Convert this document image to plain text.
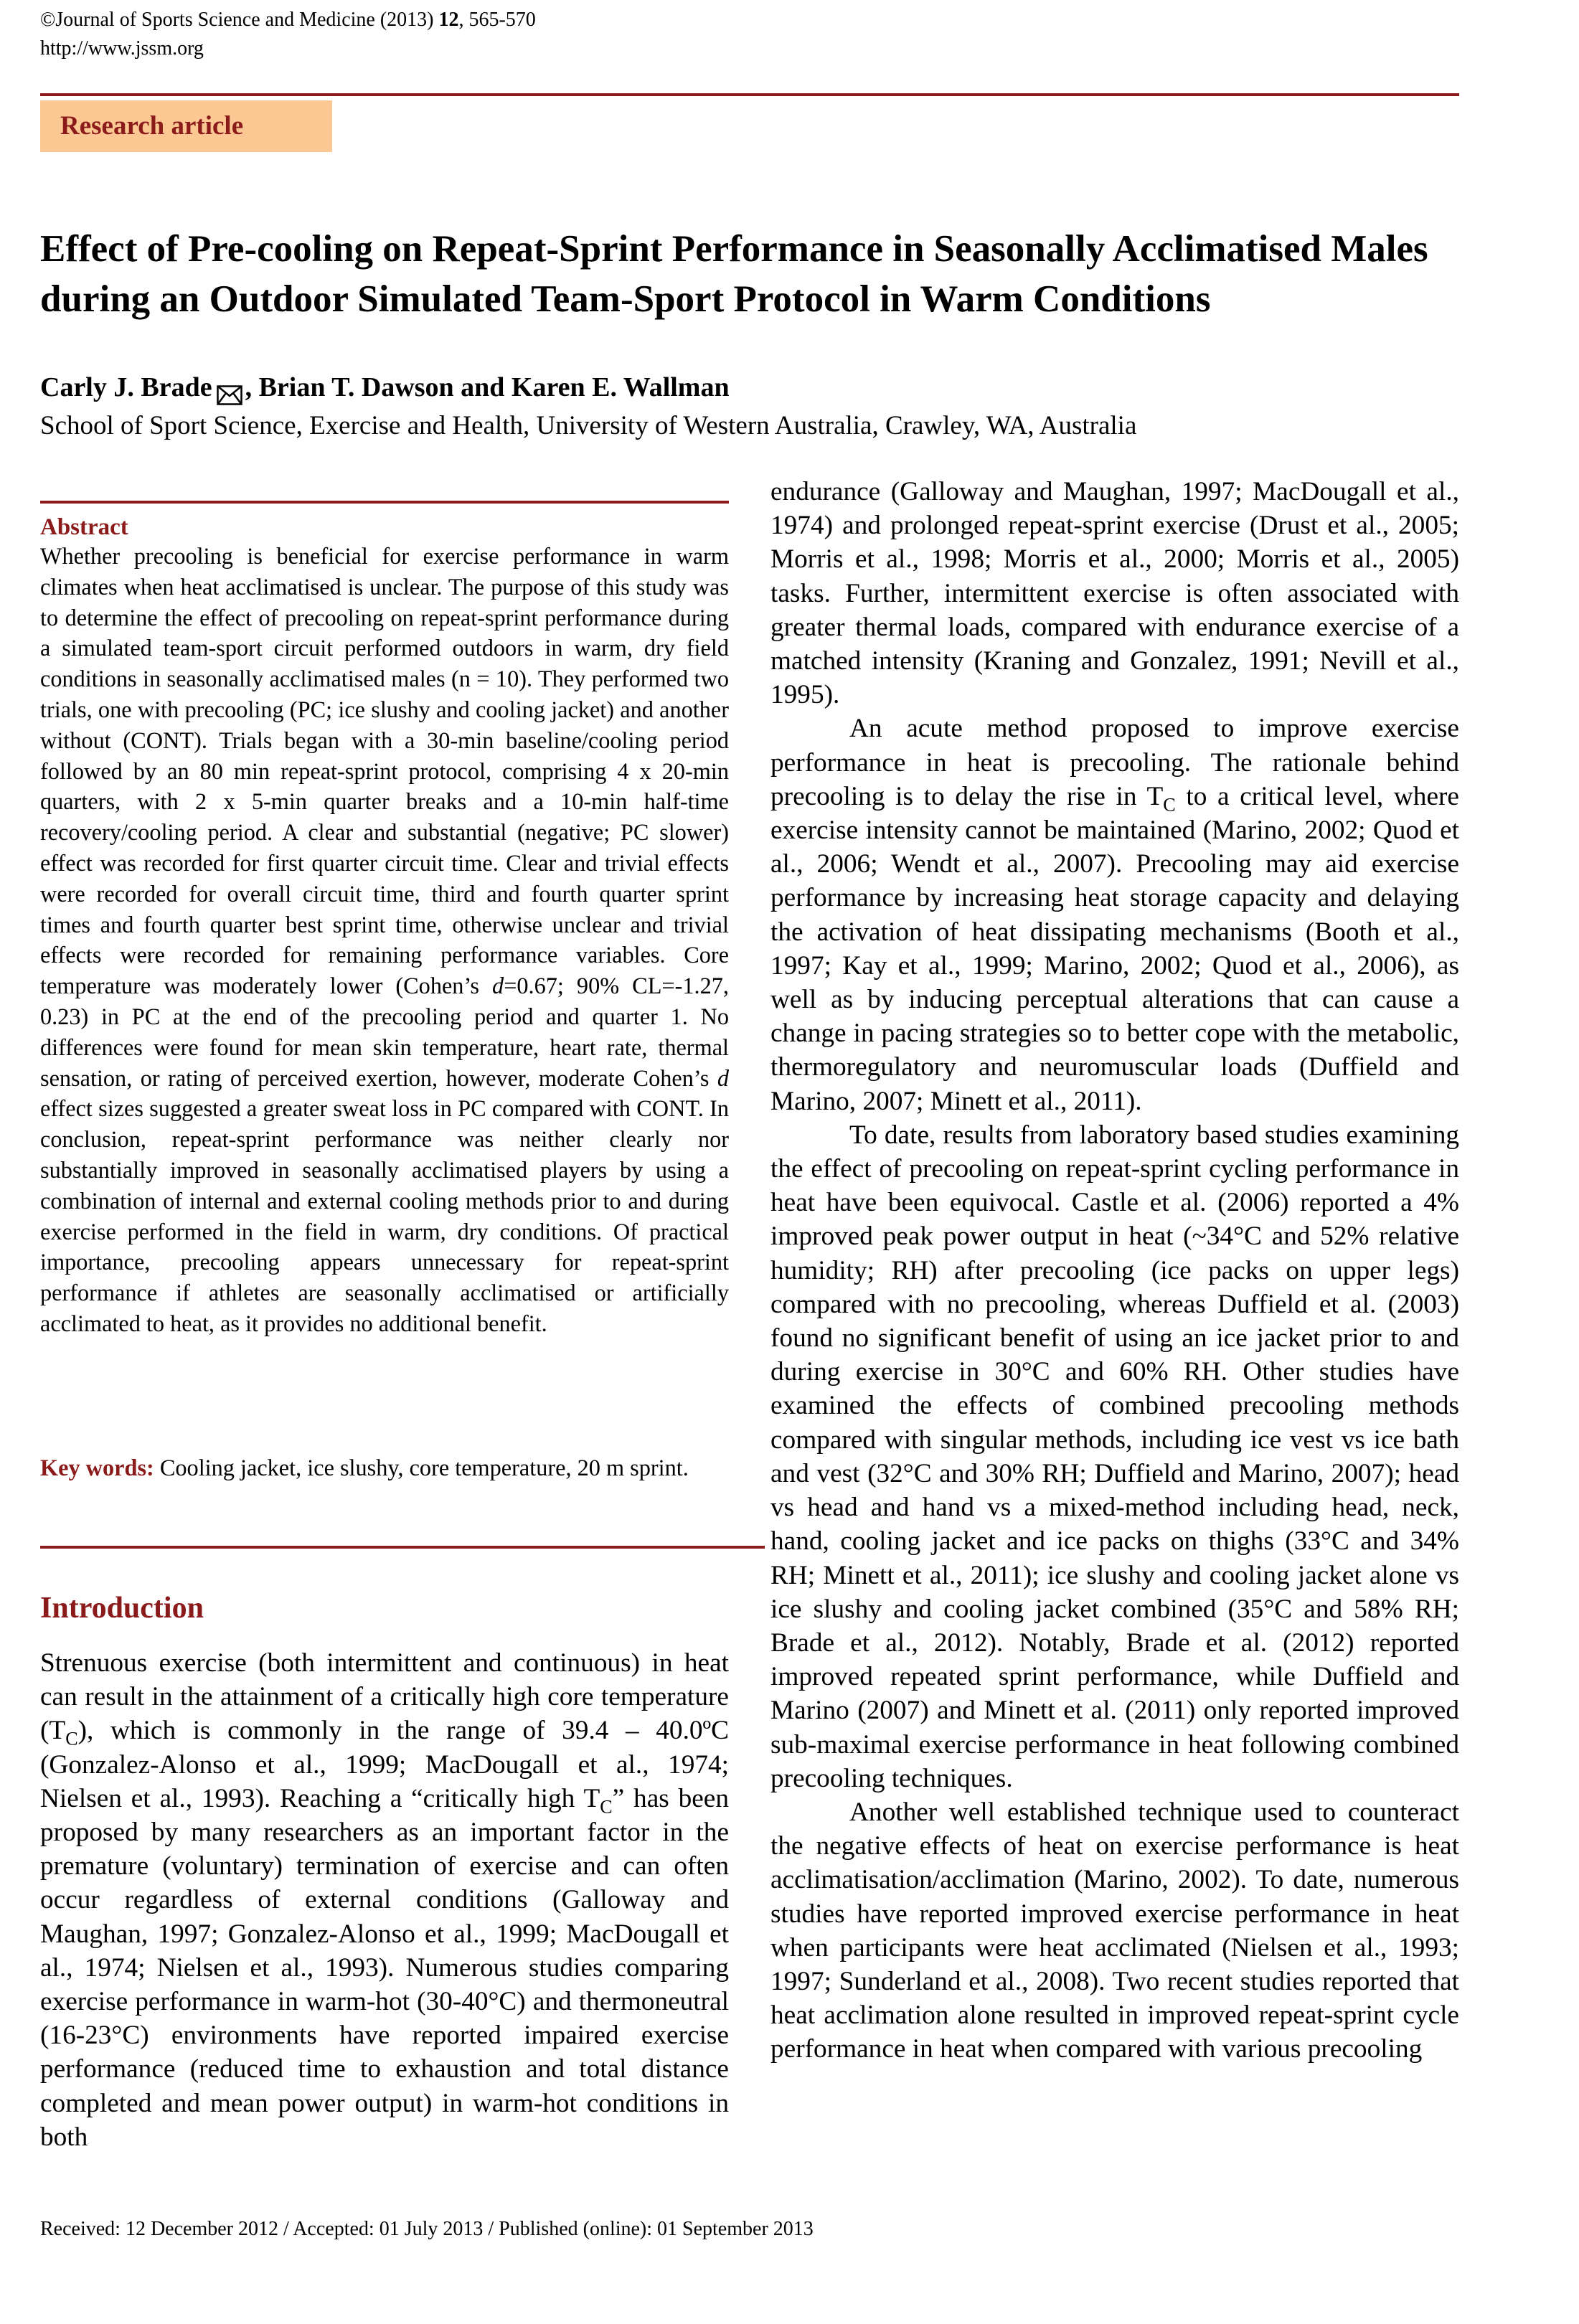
©Journal of Sports Science and Medicine (2013) 12, 565-570
http://www.jssm.org
Research article
Effect of Pre-cooling on Repeat-Sprint Performance in Seasonally Acclimatised Males during an Outdoor Simulated Team-Sport Protocol in Warm Conditions
Carly J. Brade , Brian T. Dawson and Karen E. Wallman
School of Sport Science, Exercise and Health, University of Western Australia, Crawley, WA, Australia
Abstract
Whether precooling is beneficial for exercise performance in warm climates when heat acclimatised is unclear. The purpose of this study was to determine the effect of precooling on repeat-sprint performance during a simulated team-sport circuit performed outdoors in warm, dry field conditions in seasonally acclimatised males (n = 10). They performed two trials, one with precooling (PC; ice slushy and cooling jacket) and another without (CONT). Trials began with a 30-min baseline/cooling period followed by an 80 min repeat-sprint protocol, comprising 4 x 20-min quarters, with 2 x 5-min quarter breaks and a 10-min half-time recovery/cooling period. A clear and substantial (negative; PC slower) effect was recorded for first quarter circuit time. Clear and trivial effects were recorded for overall circuit time, third and fourth quarter sprint times and fourth quarter best sprint time, otherwise unclear and trivial effects were recorded for remaining performance variables. Core temperature was moderately lower (Cohen’s d=0.67; 90% CL=-1.27, 0.23) in PC at the end of the precooling period and quarter 1. No differences were found for mean skin temperature, heart rate, thermal sensation, or rating of perceived exertion, however, moderate Cohen’s d effect sizes suggested a greater sweat loss in PC compared with CONT. In conclusion, repeat-sprint performance was neither clearly nor substantially improved in seasonally acclimatised players by using a combination of internal and external cooling methods prior to and during exercise performed in the field in warm, dry conditions. Of practical importance, precooling appears unnecessary for repeat-sprint performance if athletes are seasonally acclimatised or artificially acclimated to heat, as it provides no additional benefit.
Key words: Cooling jacket, ice slushy, core temperature, 20 m sprint.
Introduction

Strenuous exercise (both intermittent and continuous) in heat can result in the attainment of a critically high core temperature $(T_C)$, which is commonly in the range of 39.4 – 40.0ºC (Gonzalez-Alonso et al., 1999; MacDougall et al., 1974; Nielsen et al., 1993). Reaching a “critically high $T_C$” has been proposed by many researchers as an important factor in the premature (voluntary) termination of exercise and can often occur regardless of external conditions (Galloway and Maughan, 1997; Gonzalez-Alonso et al., 1999; MacDougall et al., 1974; Nielsen et al., 1993). Numerous studies comparing exercise performance in warm-hot (30-40°C) and thermoneutral (16-23°C) environments have reported impaired exercise performance (reduced time to exhaustion and total distance completed and mean power output) in warm-hot conditions in both

endurance (Galloway and Maughan, 1997; MacDougall et al., 1974) and prolonged repeat-sprint exercise (Drust et al., 2005; Morris et al., 1998; Morris et al., 2000; Morris et al., 2005) tasks. Further, intermittent exercise is often associated with greater thermal loads, compared with endurance exercise of a matched intensity (Kraning and Gonzalez, 1991; Nevill et al., 1995).

An acute method proposed to improve exercise performance in heat is precooling. The rationale behind precooling is to delay the rise in $T_C$ to a critical level, where exercise intensity cannot be maintained (Marino, 2002; Quod et al., 2006; Wendt et al., 2007). Precooling may aid exercise performance by increasing heat storage capacity and delaying the activation of heat dissipating mechanisms (Booth et al., 1997; Kay et al., 1999; Marino, 2002; Quod et al., 2006), as well as by inducing perceptual alterations that can cause a change in pacing strategies so to better cope with the metabolic, thermoregulatory and neuromuscular loads (Duffield and Marino, 2007; Minett et al., 2011).

To date, results from laboratory based studies examining the effect of precooling on repeat-sprint cycling performance in heat have been equivocal. Castle et al. (2006) reported a 4% improved peak power output in heat (~34°C and 52% relative humidity; RH) after precooling (ice packs on upper legs) compared with no precooling, whereas Duffield et al. (2003) found no significant benefit of using an ice jacket prior to and during exercise in 30°C and 60% RH. Other studies have examined the effects of combined precooling methods compared with singular methods, including ice vest vs ice bath and vest (32°C and 30% RH; Duffield and Marino, 2007); head vs head and hand vs a mixed-method including head, neck, hand, cooling jacket and ice packs on thighs (33°C and 34% RH; Minett et al., 2011); ice slushy and cooling jacket alone vs ice slushy and cooling jacket combined (35°C and 58% RH; Brade et al., 2012). Notably, Brade et al. (2012) reported improved repeated sprint performance, while Duffield and Marino (2007) and Minett et al. (2011) only reported improved sub-maximal exercise performance in heat following combined precooling techniques.

Another well established technique used to counteract the negative effects of heat on exercise performance is heat acclimatisation/acclimation (Marino, 2002). To date, numerous studies have reported improved exercise performance in heat when participants were heat acclimated (Nielsen et al., 1993; 1997; Sunderland et al., 2008). Two recent studies reported that heat acclimation alone resulted in improved repeat-sprint cycle performance in heat when compared with various precooling

Received: 12 December 2012 / Accepted: 01 July 2013 / Published (online): 01 September 2013
